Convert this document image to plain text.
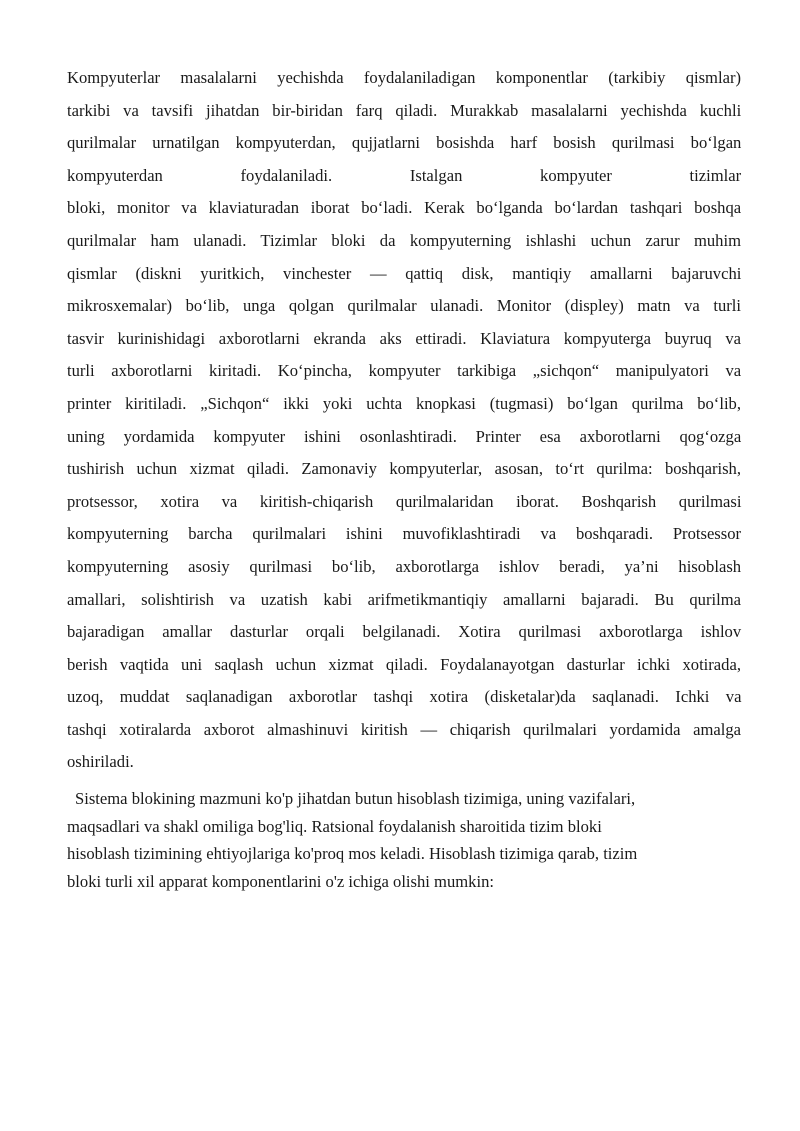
Kompyuterlar masalalarni yechishda foydalaniladigan komponentlar (tarkibiy qismlar)
tarkibi va tavsifi jihatdan bir-biridan farq qiladi. Murakkab masalalarni yechishda kuchli
qurilmalar urnatilgan kompyuterdan, qujjatlarni bosishda harf bosish qurilmasi bo‘lgan
kompyuterdan foydalaniladi. Istalgan kompyuter tizimlar
bloki, monitor va klaviaturadan iborat bo‘ladi. Kerak bo‘lganda bo‘lardan tashqari boshqa
qurilmalar ham ulanadi. Tizimlar bloki da kompyuterning ishlashi uchun zarur muhim
qismlar (diskni yuritkich, vinchester — qattiq disk, mantiqiy amallarni bajaruvchi
mikrosxemalar) bo‘lib, unga qolgan qurilmalar ulanadi. Monitor (displey) matn va turli
tasvir kurinishidagi axborotlarni ekranda aks ettiradi. Klaviatura kompyuterga buyruq va
turli axborotlarni kiritadi. Ko‘pincha, kompyuter tarkibiga „sichqon“ manipulyatori va
printer kiritiladi. „Sichqon“ ikki yoki uchta knopkasi (tugmasi) bo‘lgan qurilma bo‘lib,
uning yordamida kompyuter ishini osonlashtiradi. Printer esa axborotlarni qog‘ozga
tushirish uchun xizmat qiladi. Zamonaviy kompyuterlar, asosan, to‘rt qurilma: boshqarish,
protsessor, xotira va kiritish-chiqarish qurilmalaridan iborat. Boshqarish qurilmasi
kompyuterning barcha qurilmalari ishini muvofiklashtiradi va boshqaradi. Protsessor
kompyuterning asosiy qurilmasi bo‘lib, axborotlarga ishlov beradi, ya’ni hisoblash
amallari, solishtirish va uzatish kabi arifmetikmantiqiy amallarni bajaradi. Bu qurilma
bajaradigan amallar dasturlar orqali belgilanadi. Xotira qurilmasi axborotlarga ishlov
berish vaqtida uni saqlash uchun xizmat qiladi. Foydalanayotgan dasturlar ichki xotirada,
uzoq, muddat saqlanadigan axborotlar tashqi xotira (disketalar)da saqlanadi. Ichki va
tashqi xotiralarda axborot almashinuvi kiritish — chiqarish qurilmalari yordamida amalga
oshiriladi.

Sistema blokining mazmuni ko'p jihatdan butun hisoblash tizimiga, uning vazifalari,
maqsadlari va shakl omiliga bog'liq. Ratsional foydalanish sharoitida tizim bloki
hisoblash tizimining ehtiyojlariga ko'proq mos keladi. Hisoblash tizimiga qarab, tizim
bloki turli xil apparat komponentlarini o'z ichiga olishi mumkin:
